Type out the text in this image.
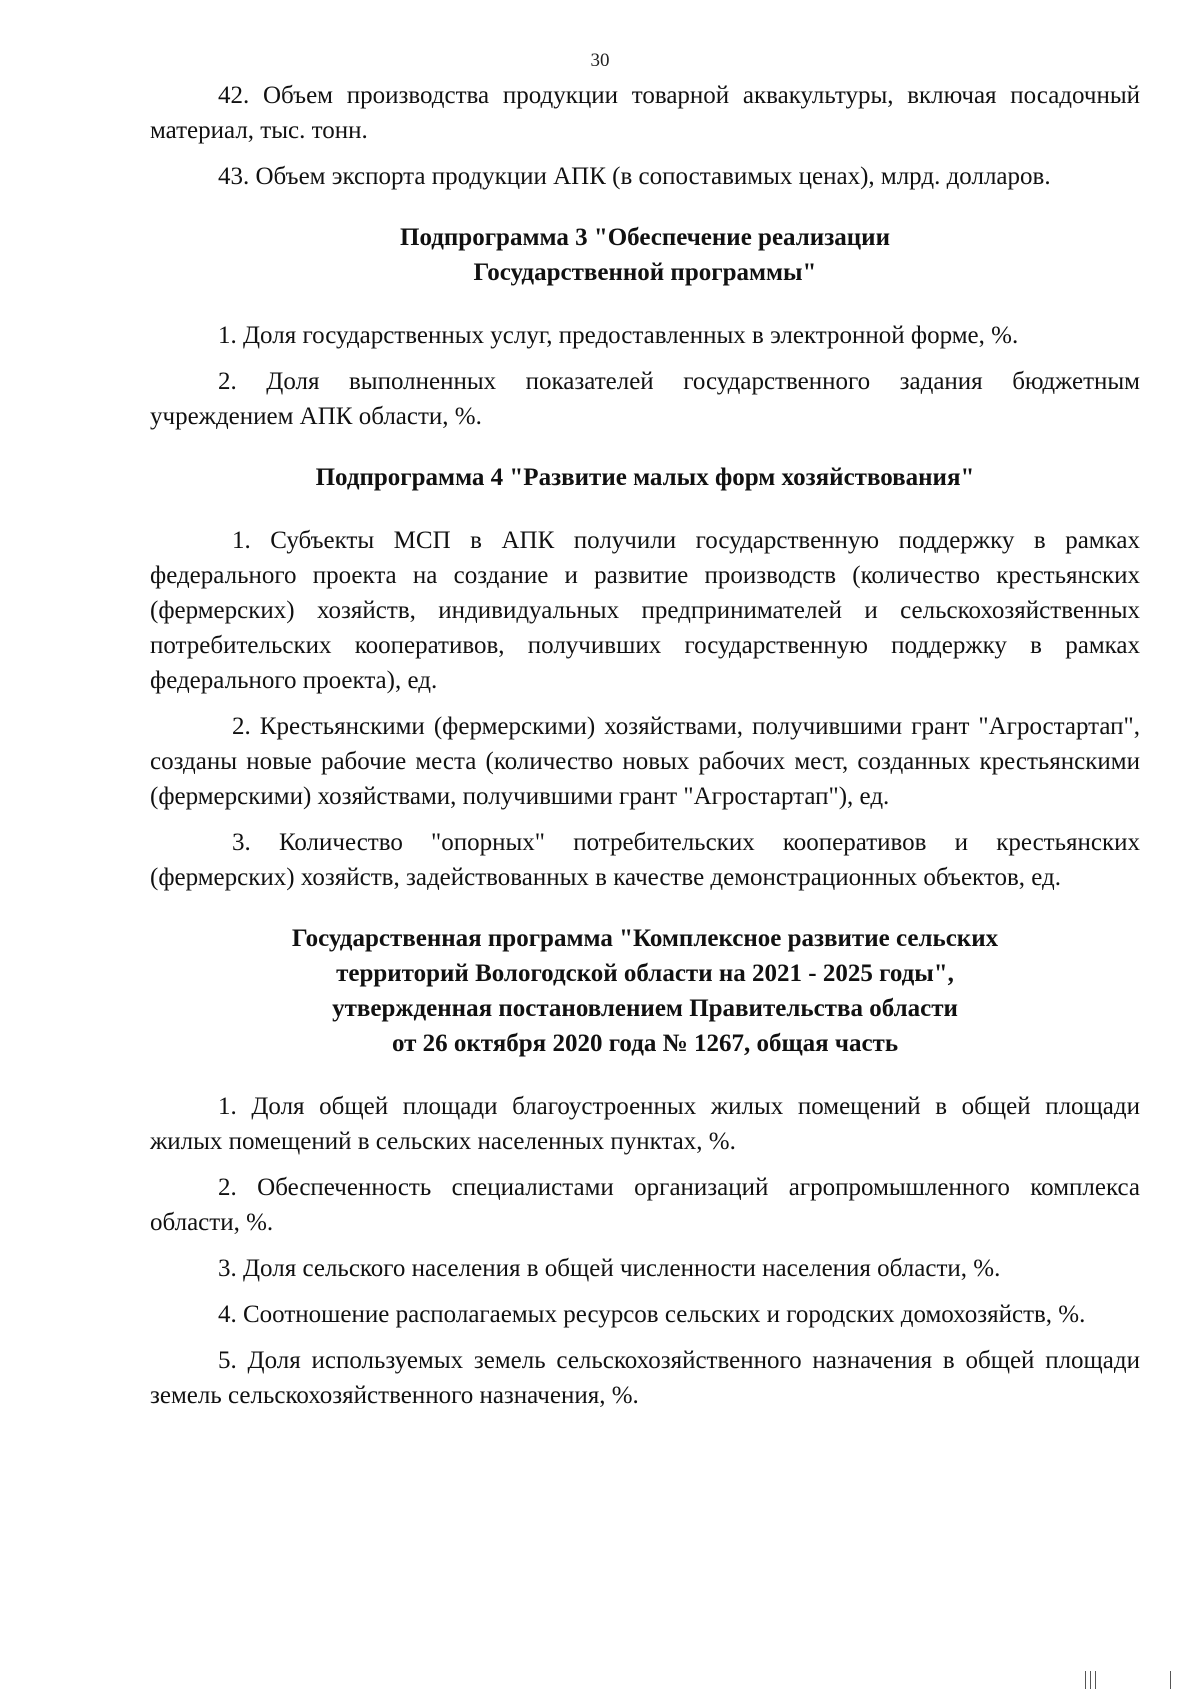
30

42. Объем производства продукции товарной аквакультуры, включая посадочный материал, тыс. тонн.

43. Объем экспорта продукции АПК (в сопоставимых ценах), млрд. долларов.

Подпрограмма 3 "Обеспечение реализации
Государственной программы"

1. Доля государственных услуг, предоставленных в электронной форме, %.

2. Доля выполненных показателей государственного задания бюджетным учреждением АПК области, %.

Подпрограмма 4 "Развитие малых форм хозяйствования"

1. Субъекты МСП в АПК получили государственную поддержку в рамках федерального проекта на создание и развитие производств (количество крестьянских (фермерских) хозяйств, индивидуальных предпринимателей и сельскохозяйственных потребительских кооперативов, получивших государственную поддержку в рамках федерального проекта), ед.

2. Крестьянскими (фермерскими) хозяйствами, получившими грант "Агростартап", созданы новые рабочие места (количество новых рабочих мест, созданных крестьянскими (фермерскими) хозяйствами, получившими грант "Агростартап"), ед.

3. Количество "опорных" потребительских кооперативов и крестьянских (фермерских) хозяйств, задействованных в качестве демонстрационных объектов, ед.

Государственная программа "Комплексное развитие сельских
территорий Вологодской области на 2021 - 2025 годы",
утвержденная постановлением Правительства области
от 26 октября 2020 года № 1267, общая часть

1. Доля общей площади благоустроенных жилых помещений в общей площади жилых помещений в сельских населенных пунктах, %.

2. Обеспеченность специалистами организаций агропромышленного комплекса области, %.

3. Доля сельского населения в общей численности населения области, %.

4. Соотношение располагаемых ресурсов сельских и городских домохозяйств, %.

5. Доля используемых земель сельскохозяйственного назначения в общей площади земель сельскохозяйственного назначения, %.
